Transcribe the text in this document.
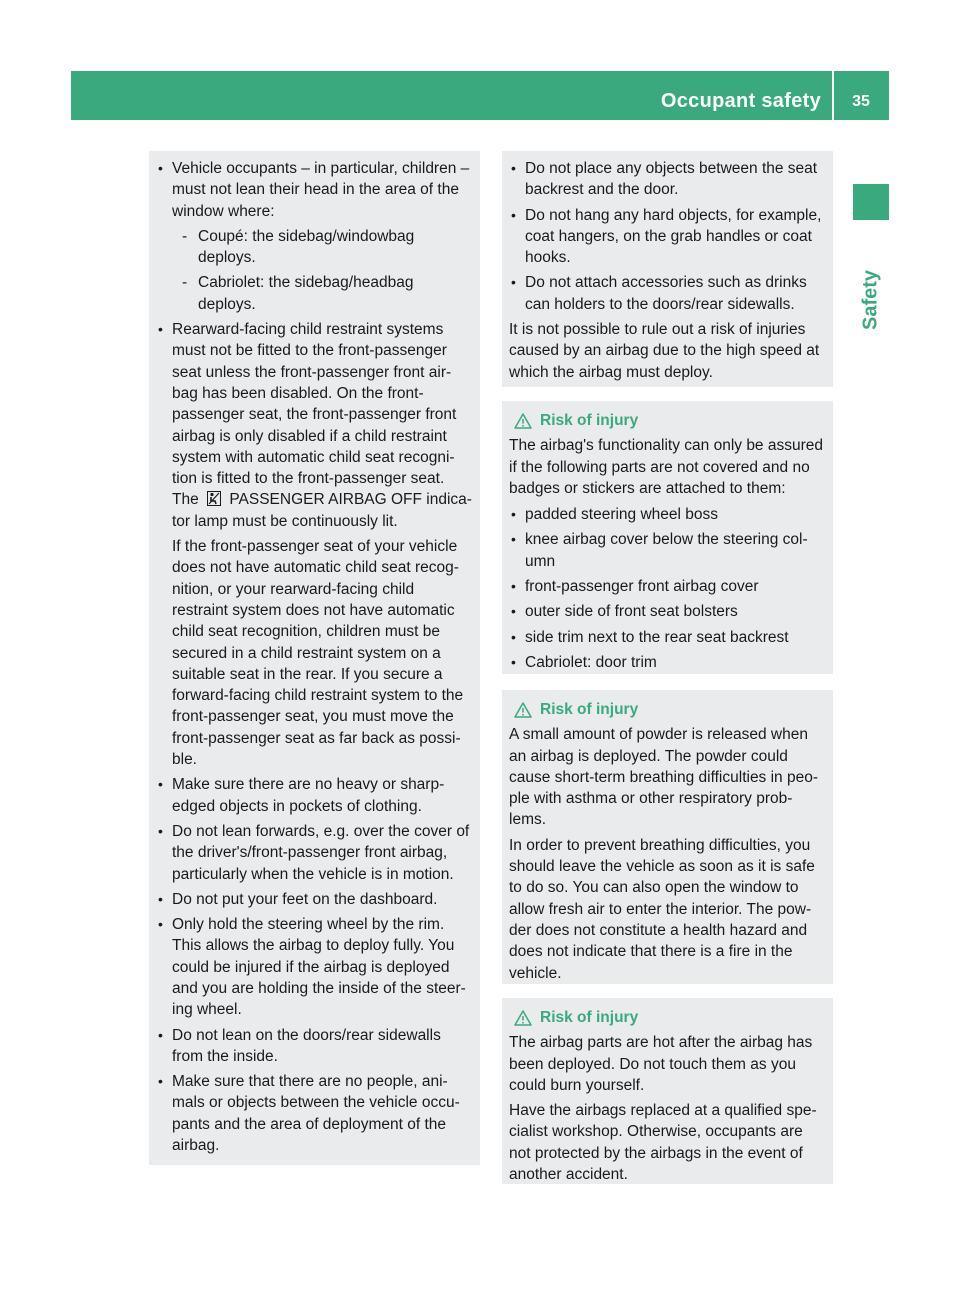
Occupant safety	35
Safety
• Vehicle occupants – in particular, children – must not lean their head in the area of the window where:
- Coupé: the sidebag/windowbag deploys.
- Cabriolet: the sidebag/headbag deploys.
• Rearward-facing child restraint systems must not be fitted to the front-passenger seat unless the front-passenger front air-bag has been disabled. On the front-passenger seat, the front-passenger front airbag is only disabled if a child restraint system with automatic child seat recogni-tion is fitted to the front-passenger seat. The PASSENGER AIRBAG OFF indica-tor lamp must be continuously lit.

If the front-passenger seat of your vehicle does not have automatic child seat recog-nition, or your rearward-facing child restraint system does not have automatic child seat recognition, children must be secured in a child restraint system on a suitable seat in the rear. If you secure a forward-facing child restraint system to the front-passenger seat, you must move the front-passenger seat as far back as possi-ble.

• Make sure there are no heavy or sharp-edged objects in pockets of clothing.
• Do not lean forwards, e.g. over the cover of the driver's/front-passenger front airbag, particularly when the vehicle is in motion.
• Do not put your feet on the dashboard.
• Only hold the steering wheel by the rim. This allows the airbag to deploy fully. You could be injured if the airbag is deployed and you are holding the inside of the steer-ing wheel.
• Do not lean on the doors/rear sidewalls from the inside.
• Make sure that there are no people, ani-mals or objects between the vehicle occu-pants and the area of deployment of the airbag.
• Do not place any objects between the seat backrest and the door.
• Do not hang any hard objects, for example, coat hangers, on the grab handles or coat hooks.
• Do not attach accessories such as drinks can holders to the doors/rear sidewalls.

It is not possible to rule out a risk of injuries caused by an airbag due to the high speed at which the airbag must deploy.

Risk of injury

The airbag's functionality can only be assured if the following parts are not covered and no badges or stickers are attached to them:

• padded steering wheel boss
• knee airbag cover below the steering col-umn
• front-passenger front airbag cover
• outer side of front seat bolsters
• side trim next to the rear seat backrest
• Cabriolet: door trim
Risk of injury

A small amount of powder is released when an airbag is deployed. The powder could cause short-term breathing difficulties in peo-ple with asthma or other respiratory prob-lems.

In order to prevent breathing difficulties, you should leave the vehicle as soon as it is safe to do so. You can also open the window to allow fresh air to enter the interior. The pow-der does not constitute a health hazard and does not indicate that there is a fire in the vehicle.

Risk of injury

The airbag parts are hot after the airbag has been deployed. Do not touch them as you could burn yourself.

Have the airbags replaced at a qualified spe-cialist workshop. Otherwise, occupants are not protected by the airbags in the event of another accident.
